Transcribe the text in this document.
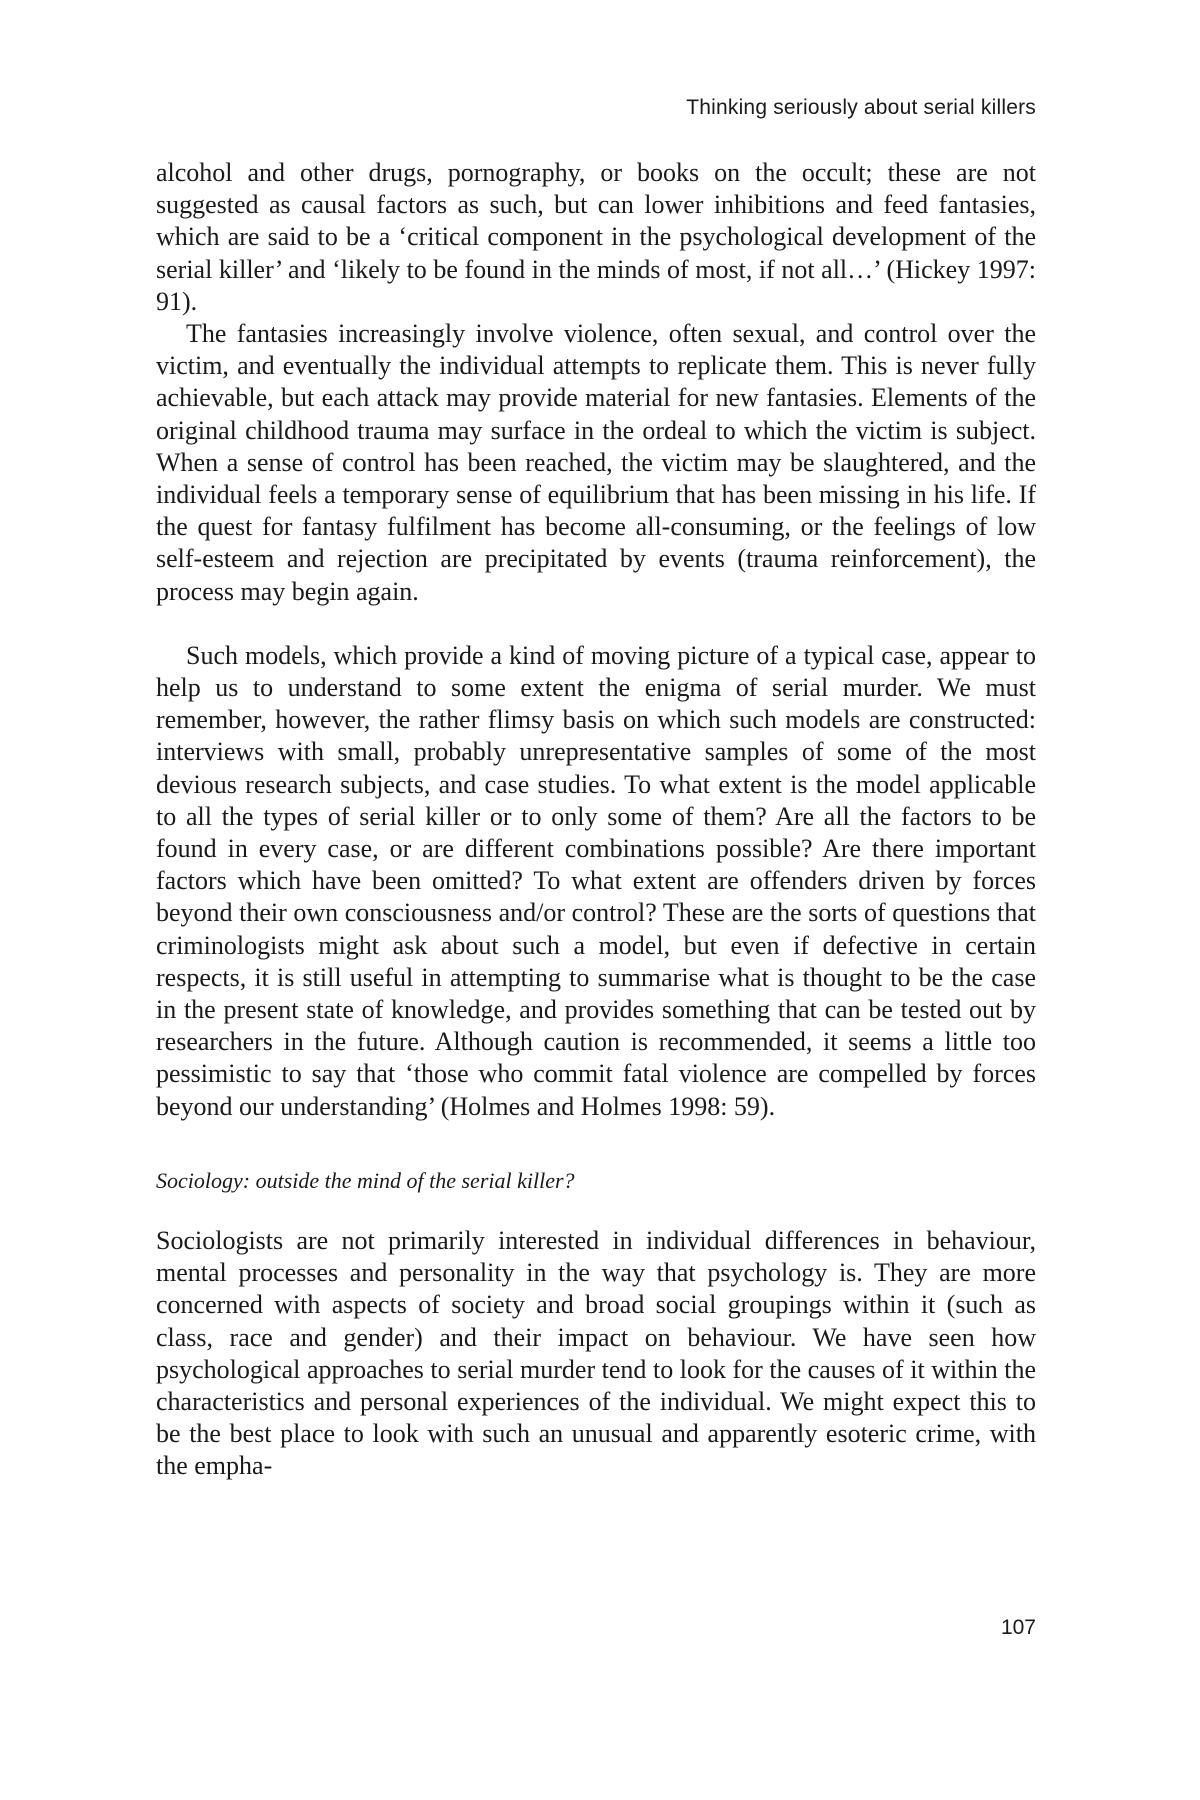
Thinking seriously about serial killers

alcohol and other drugs, pornography, or books on the occult; these are not suggested as causal factors as such, but can lower inhibitions and feed fantasies, which are said to be a ‘critical component in the psychological development of the serial killer’ and ‘likely to be found in the minds of most, if not all…’ (Hickey 1997: 91).

The fantasies increasingly involve violence, often sexual, and control over the victim, and eventually the individual attempts to replicate them. This is never fully achievable, but each attack may provide material for new fantasies. Elements of the original childhood trauma may surface in the ordeal to which the victim is subject. When a sense of control has been reached, the victim may be slaughtered, and the individual feels a temporary sense of equilibrium that has been missing in his life. If the quest for fantasy fulfilment has become all-consuming, or the feelings of low self-esteem and rejection are precipitated by events (trauma reinforcement), the process may begin again.

Such models, which provide a kind of moving picture of a typical case, appear to help us to understand to some extent the enigma of serial murder. We must remember, however, the rather flimsy basis on which such models are constructed: interviews with small, probably unrepresentative samples of some of the most devious research subjects, and case studies. To what extent is the model applicable to all the types of serial killer or to only some of them? Are all the factors to be found in every case, or are different combinations possible? Are there important factors which have been omitted? To what extent are offenders driven by forces beyond their own consciousness and/or control? These are the sorts of questions that criminologists might ask about such a model, but even if defective in certain respects, it is still useful in attempting to summarise what is thought to be the case in the present state of knowledge, and provides something that can be tested out by researchers in the future. Although caution is recommended, it seems a little too pessimistic to say that ‘those who commit fatal violence are compelled by forces beyond our understanding’ (Holmes and Holmes 1998: 59).

Sociology: outside the mind of the serial killer?

Sociologists are not primarily interested in individual differences in behaviour, mental processes and personality in the way that psychology is. They are more concerned with aspects of society and broad social groupings within it (such as class, race and gender) and their impact on behaviour. We have seen how psychological approaches to serial murder tend to look for the causes of it within the characteristics and personal experiences of the individual. We might expect this to be the best place to look with such an unusual and apparently esoteric crime, with the empha-

107
